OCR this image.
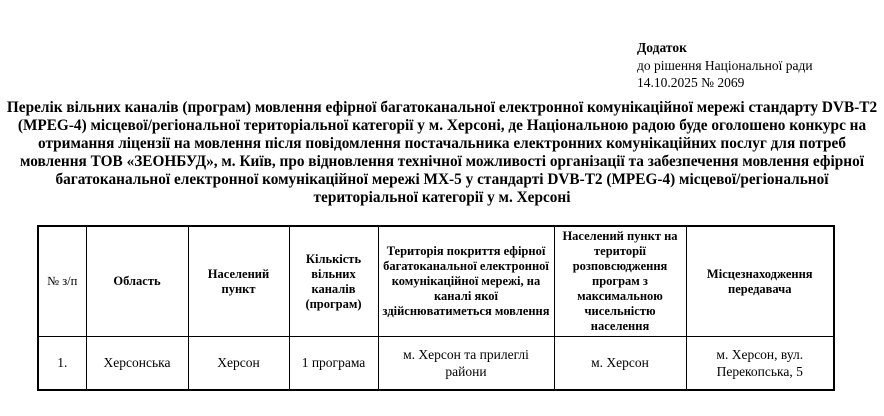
Додаток
до рішення Національної ради
14.10.2025 № 2069
Перелік вільних каналів (програм) мовлення ефірної багатоканальної електронної комунікаційної мережі стандарту DVB-T2 (MPEG-4) місцевої/регіональної територіальної категорії у м. Херсоні, де Національною радою буде оголошено конкурс на отримання ліцензії на мовлення після повідомлення постачальника електронних комунікаційних послуг для потреб мовлення ТОВ «ЗЕОНБУД», м. Київ, про відновлення технічної можливості організації та забезпечення мовлення ефірної багатоканальної електронної комунікаційної мережі МХ-5 у стандарті DVB-T2 (MPEG-4) місцевої/регіональної територіальної категорії у м. Херсоні
№ з/п	Область	Населений пункт	Кількість вільних каналів (програм)	Територія покриття ефірної багатоканальної електронної комунікаційної мережі, на каналі якої здійснюватиметься мовлення	Населений пункт на території розповсюдження програм з максимальною чисельністю населення	Місцезнаходження передавача
1.	Херсонська	Херсон	1 програма	м. Херсон та прилеглі райони	м. Херсон	м. Херсон, вул. Перекопська, 5
